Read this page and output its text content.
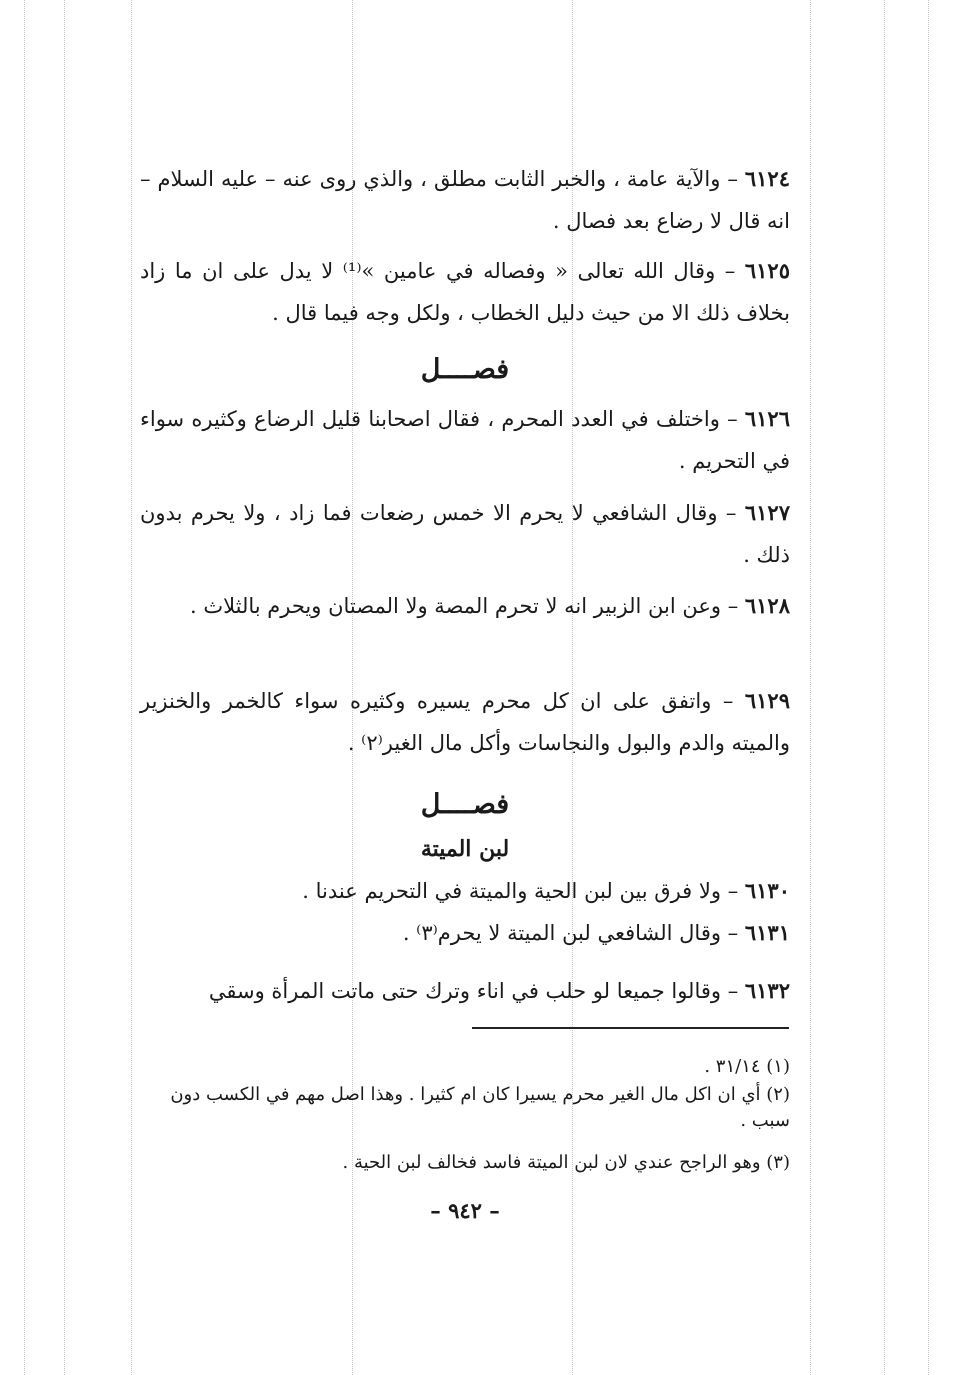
٦١٢٤ – والآية عامة ، والخبر الثابت مطلق ، والذي روى عنه – عليه السلام – انه قال لا رضاع بعد فصال .

٦١٢٥ – وقال الله تعالى « وفصاله في عامين »⁽¹⁾ لا يدل على ان ما زاد بخلاف ذلك الا من حيث دليل الخطاب ، ولكل وجه فيما قال .

فصــــل

٦١٢٦ – واختلف في العدد المحرم ، فقال اصحابنا قليل الرضاع وكثيره سواء في التحريم .

٦١٢٧ – وقال الشافعي لا يحرم الا خمس رضعات فما زاد ، ولا يحرم بدون ذلك .

٦١٢٨ – وعن ابن الزبير انه لا تحرم المصة ولا المصتان ويحرم بالثلاث .

٦١٢٩ – واتفق على ان كل محرم يسيره وكثيره سواء كالخمر والخنزير والميته والدم والبول والنجاسات وأكل مال الغير⁽٢⁾ .

فصــــل
لبن الميتة

٦١٣٠ – ولا فرق بين لبن الحية والميتة في التحريم عندنا .

٦١٣١ – وقال الشافعي لبن الميتة لا يحرم⁽٣⁾ .

٦١٣٢ – وقالوا جميعا لو حلب في اناء وترك حتى ماتت المرأة وسقي

(١) ٣١/١٤ .
(٢) أي ان اكل مال الغير محرم يسيرا كان ام كثيرا . وهذا اصل مهم في الكسب دون سبب .
(٣) وهو الراجح عندي لان لبن الميتة فاسد فخالف لبن الحية .
– ٩٤٢ –
